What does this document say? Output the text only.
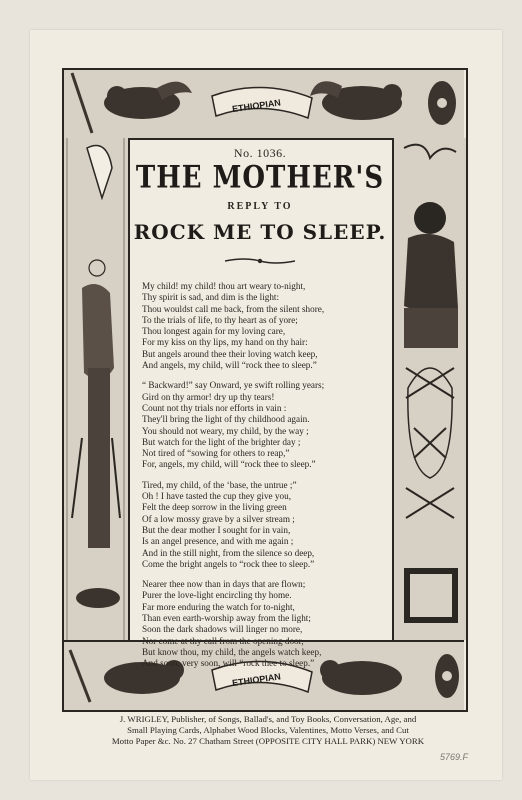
ETHIOPIAN
ETHIOPIAN
No. 1036.
THE MOTHER'S
REPLY TO
ROCK ME TO SLEEP.
My child! my child! thou art weary to-night,
Thy spirit is sad, and dim is the light:
Thou wouldst call me back, from the silent shore,
To the trials of life, to thy heart as of yore;
Thou longest again for my loving care,
For my kiss on thy lips, my hand on thy hair:
But angels around thee their loving watch keep,
And angels, my child, will “rock thee to sleep.”
“ Backward!” say Onward, ye swift rolling years;
Gird on thy armor! dry up thy tears!
Count not thy trials nor efforts in vain :
They'll bring the light of thy childhood again.
You should not weary, my child, by the way ;
But watch for the light of the brighter day ;
Not tired of “sowing for others to reap,”
For, angels, my child, will “rock thee to sleep.”
Tired, my child, of the ‘base, the untrue ;”
Oh ! I have tasted the cup they give you,
Felt the deep sorrow in the living green
Of a low mossy grave by a silver stream ;
But the dear mother I sought for in vain,
Is an angel presence, and with me again ;
And in the still night, from the silence so deep,
Come the bright angels to “rock thee to sleep.”
Nearer thee now than in days that are flown;
Purer the love-light encircling thy home.
Far more enduring the watch for to-night,
Than even earth-worship away from the light;
Soon the dark shadows will linger no more,
Nor come at thy call from the opening door,
But know thou, my child, the angels watch keep,
And soon, very soon, will “rock thee to sleep.”
J. WRIGLEY, Publisher, of Songs, Ballad's, and Toy Books, Conversation, Age, and
Small Playing Cards, Alphabet Wood Blocks, Valentines, Motto Verses, and Cut
Motto Paper &c. No. 27 Chatham Street (OPPOSITE CITY HALL PARK) NEW YORK
5769.F
